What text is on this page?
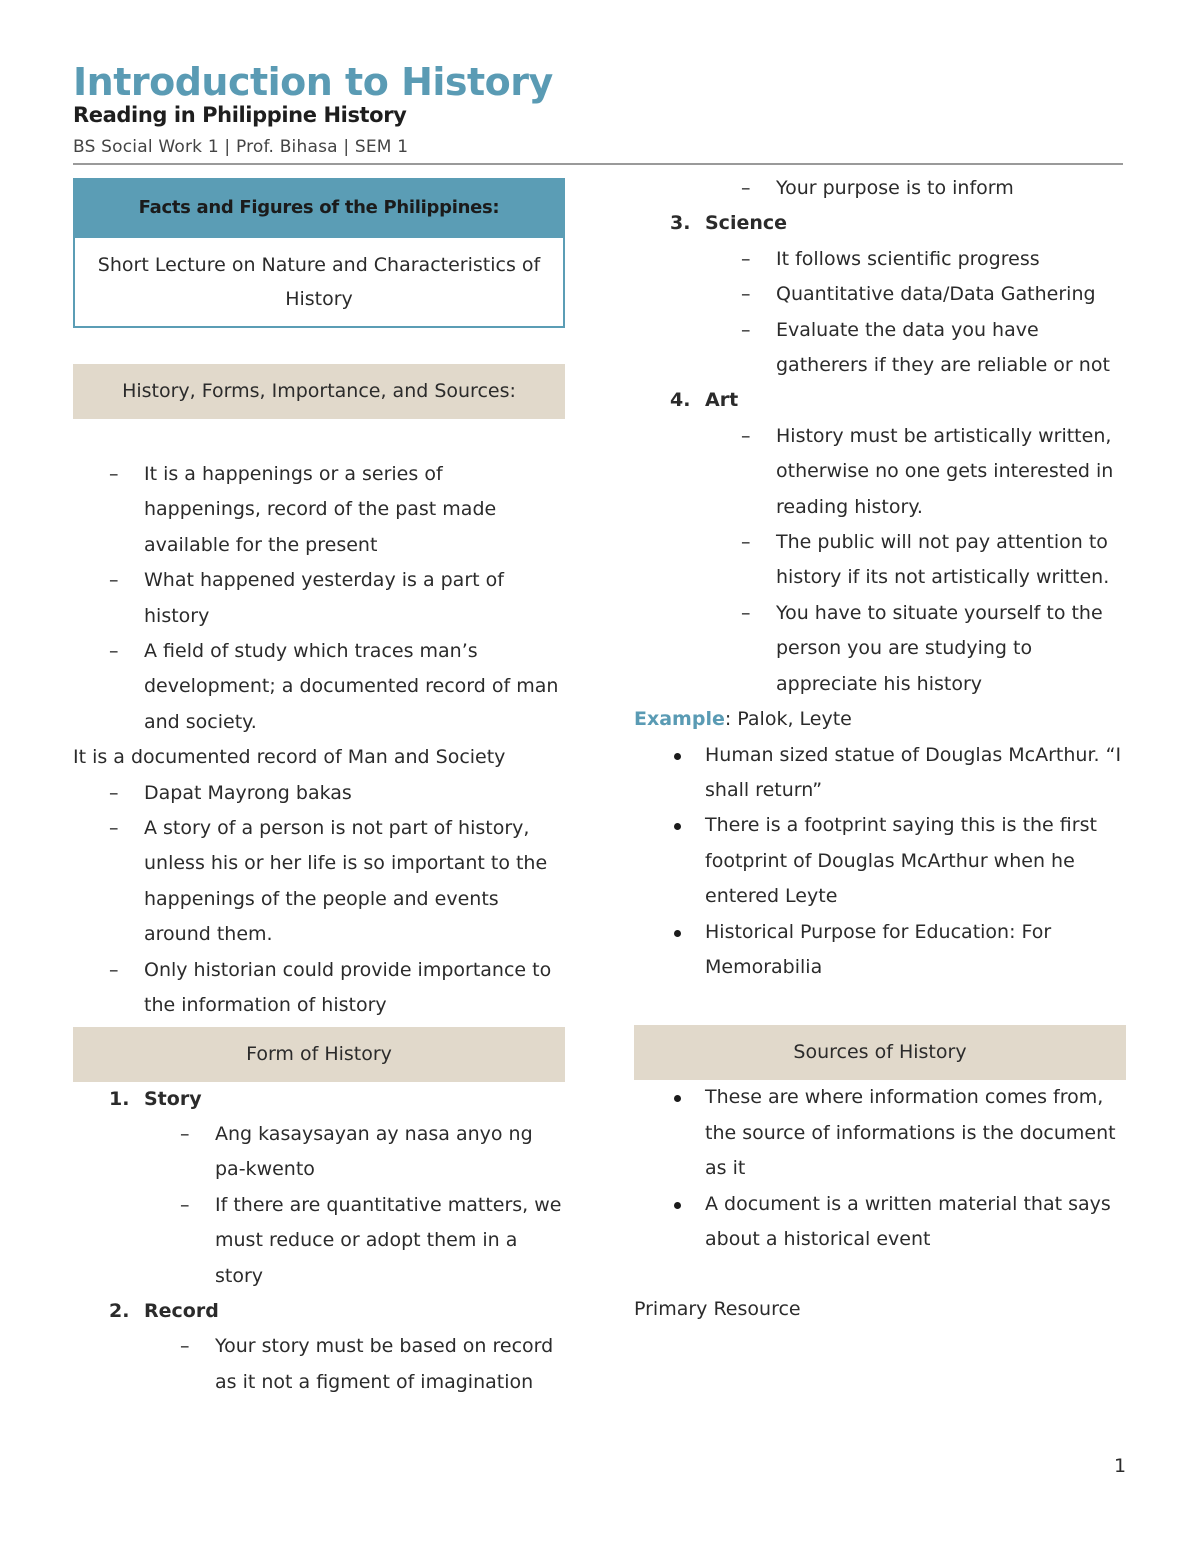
Introduction to History
Reading in Philippine History

BS Social Work 1 | Prof. Bihasa | SEM 1

Facts and Figures of the Philippines:
Short Lecture on Nature and Characteristics of History
History, Forms, Importance, and Sources:
– It is a happenings or a series of happenings, record of the past made available for the present
– What happened yesterday is a part of history
– A field of study which traces man’s development; a documented record of man and society.

It is a documented record of Man and Society

– Dapat Mayrong bakas
– A story of a person is not part of history, unless his or her life is so important to the happenings of the people and events around them.
– Only historian could provide importance to the information of history
Form of History
1. Story
– Ang kasaysayan ay nasa anyo ng pa-kwento
– If there are quantitative matters, we must reduce or adopt them in a story
2. Record
– Your story must be based on record as it not a figment of imagination
– Your purpose is to inform
3. Science
– It follows scientific progress
– Quantitative data/Data Gathering
– Evaluate the data you have gatherers if they are reliable or not
4. Art
– History must be artistically written, otherwise no one gets interested in reading history.
– The public will not pay attention to history if its not artistically written.
– You have to situate yourself to the person you are studying to appreciate his history

Example: Palok, Leyte

Human sized statue of Douglas McArthur. “I shall return”
There is a footprint saying this is the first footprint of Douglas McArthur when he entered Leyte
Historical Purpose for Education: For Memorabilia
Sources of History
These are where information comes from, the source of informations is the document as it
A document is a written material that says about a historical event

Primary Resource

1
